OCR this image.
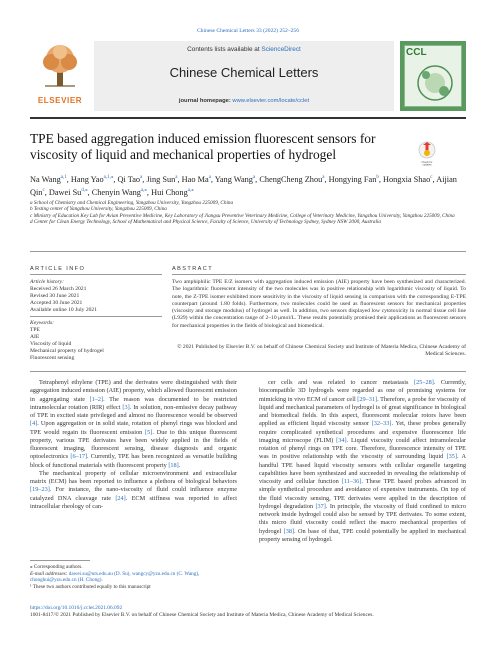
Chinese Chemical Letters 33 (2022) 252–256
ELSEVIER
Contents lists available at ScienceDirect
Chinese Chemical Letters
journal homepage: www.elsevier.com/locate/cclet
CCL
TPE based aggregation induced emission fluorescent sensors for viscosity of liquid and mechanical properties of hydrogel
Check for
updates
Na Wang$^{a,1}$, Hang Yao$^{a,1,⁎}$, Qi Tao$^a$, Jing Sun$^a$, Hao Ma$^a$, Yang Wang$^a$, ChengCheng Zhou$^a$, Hongying Fan$^b$, Hongxia Shao$^c$, Aijian Qin$^c$, Dawei $Su^{d,⁎}$, Chenyin Wang$^{a,⁎}$, Hui Chong$^{a,⁎}$

a School of Chemistry and Chemical Engineering, Yangzhou University, Yangzhou 225009, China

b Testing center of Yangzhou University, Yangzhou 225009, China

c Ministry of Education Key Lab for Avian Preventive Medicine, Key Laboratory of Jiangsu Preventive Veterinary Medicine, College of Veterinary Medicine, Yangzhou University, Yangzhou 225009, China

d Center for Clean Energy Technology, School of Mathematical and Physical Science, Faculty of Science, University of Technology Sydney, Sydney NSW 2000, Australia

ARTICLE INFO	ABSTRACT
Article history:
Received 26 March 2021
Revised 30 June 2021
Accepted 30 June 2021
Available online 10 July 2021
Keywords:
TPE
AIE
Viscosity of liquid
Mechanical property of hydrogel
Fluorescent sensing
Two amphiphilic TPE E/Z isomers with aggregation induced emission (AIE) property have been synthesized and characterized. The logarithmic fluorescent intensity of the two molecules was in positive relationship with logarithmic viscosity of liquid. To note, the Z-TPE isomer exhibited more sensitivity in the viscosity of liquid sensing in comparison with the corresponding E-TPE counterpart (around 1.80 folds). Furthermore, two molecules could be used as fluorescent sensors for mechanical properties (viscosity and storage modulus) of hydrogel as well. In addition, two sensors displayed low cytotoxicity in normal tissue cell line (L929) within the concentration range of 2–10 μmol/L. These results potentially promised their applications as fluorescent sensors for mechanical properties in the fields of biological and biomedical.
© 2021 Published by Elsevier B.V. on behalf of Chinese Chemical Society and Institute of Materia Medica, Chinese Academy of Medical Sciences.

Tetraphenyl ethylene (TPE) and the derivates were distinguished with their aggregation induced emission (AIE) property, which allowed fluorescent emission in aggregating state [1–2]. The reason was documented to be restricted intramolecular rotation (RIR) effect [3]. In solution, non-emissive decay pathway of TPE in excited state privileged and almost no fluorescence would be observed [4]. Upon aggregation or in solid state, rotation of phenyl rings was blocked and TPE would regain its fluorescent emission [5]. Due to this unique fluorescent property, various TPE derivates have been widely applied in the fields of fluorescent imaging, fluorescent sensing, disease diagnosis and organic optoelectronics [6–17]. Currently, TPE has been recognized as versatile building block of functional materials with fluorescent property [18].

The mechanical property of cellular microenvironment and extracellular matrix (ECM) has been reported to influence a plethora of biological behaviors [19–23]. For instance, the nano-viscosity of fluid could influence enzyme catalyzed DNA cleavage rate [24]. ECM stiffness was reported to affect intracellular rheology of can-

cer cells and was related to cancer metastasis [25–28]. Currently, biocompatible 3D hydrogels were regarded as one of promising systems for mimicking in vivo ECM of cancer cell [29–31]. Therefore, a probe for viscosity of liquid and mechanical parameters of hydrogel is of great significance in biological and biomedical fields. In this aspect, fluorescent molecular rotors have been applied as efficient liquid viscosity sensor [32–33]. Yet, these probes generally require complicated synthetical procedures and expensive fluorescence life imaging microscope (FLIM) [34]. Liquid viscosity could affect intramolecular rotation of phenyl rings on TPE core. Therefore, fluorescence intensity of TPE was in positive relationship with the viscosity of surrounding liquid [35]. A handful TPE based liquid viscosity sensors with cellular organelle targeting capabilities have been synthesized and succeeded in revealing the relationship of viscosity and cellular function [11–36]. These TPE based probes advanced in simple synthetical procedure and avoidance of expensive instruments. On top of the fluid viscosity sensing, TPE derivates were applied in the description of hydrogel degradation [37]. In principle, the viscosity of fluid confined to micro network inside hydrogel could also be sensed by TPE derivates. To some extent, this micro fluid viscosity could reflect the macro mechanical properties of hydrogel [38]. On base of that, TPE could potentially be applied in mechanical property sensing of hydrogel.

⁎ Corresponding authors.
E-mail addresses: dawei.su@uts.edu.au (D. Su), wangcy@yzu.edu.cn (C. Wang), chonghui@yzu.edu.cn (H. Chong).
¹ These two authors contributed equally to this manuscript
https://doi.org/10.1016/j.cclet.2021.06.092
1001-8417/© 2021 Published by Elsevier B.V. on behalf of Chinese Chemical Society and Institute of Materia Medica, Chinese Academy of Medical Sciences.
